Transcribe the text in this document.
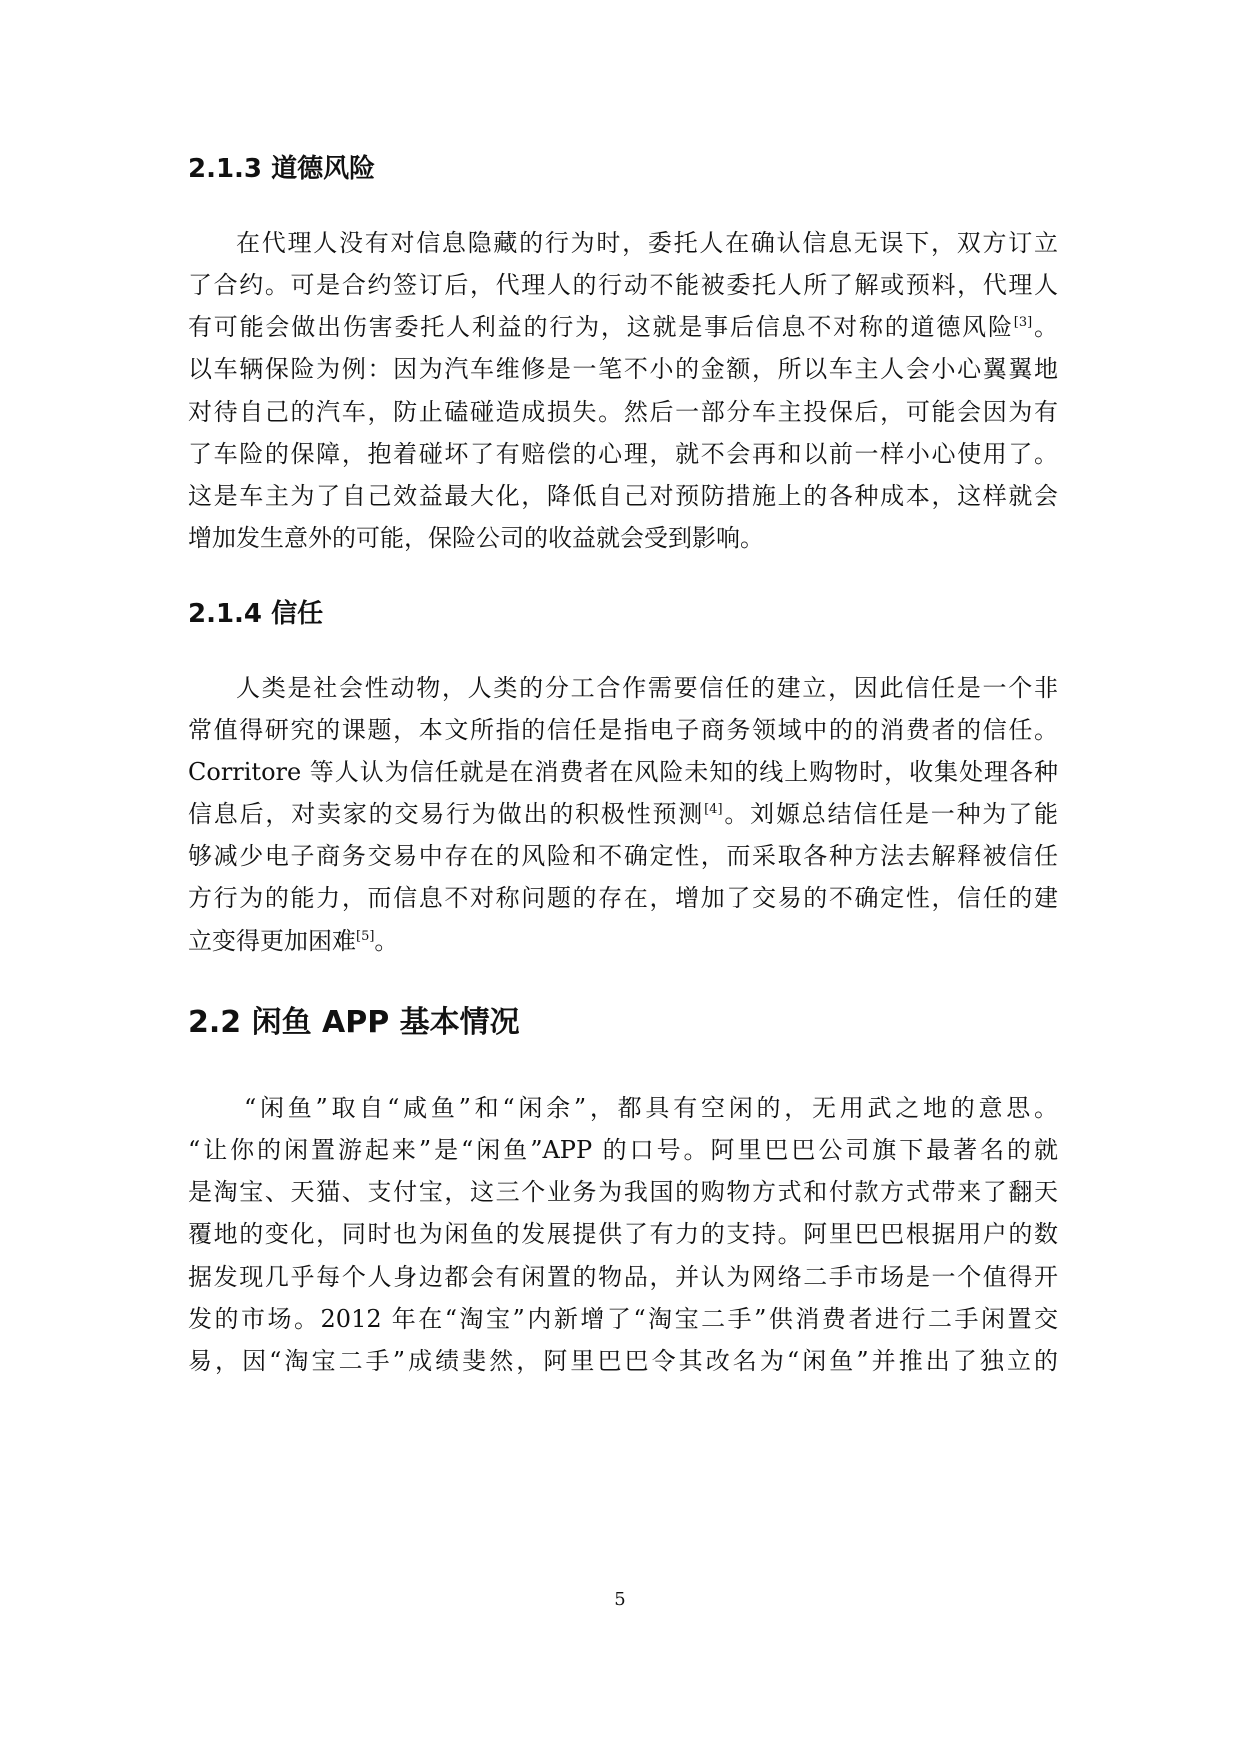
2.1.3 道德风险
在代理人没有对信息隐藏的行为时，委托人在确认信息无误下，双方订立
了合约。可是合约签订后，代理人的行动不能被委托人所了解或预料，代理人
有可能会做出伤害委托人利益的行为，这就是事后信息不对称的道德风险[3]。
以车辆保险为例：因为汽车维修是一笔不小的金额，所以车主人会小心翼翼地
对待自己的汽车，防止磕碰造成损失。然后一部分车主投保后，可能会因为有
了车险的保障，抱着碰坏了有赔偿的心理，就不会再和以前一样小心使用了。
这是车主为了自己效益最大化，降低自己对预防措施上的各种成本，这样就会
增加发生意外的可能，保险公司的收益就会受到影响。
2.1.4 信任
人类是社会性动物，人类的分工合作需要信任的建立，因此信任是一个非
常值得研究的课题，本文所指的信任是指电子商务领域中的的消费者的信任。
Corritore 等人认为信任就是在消费者在风险未知的线上购物时，收集处理各种
信息后，对卖家的交易行为做出的积极性预测[4]。刘嫄总结信任是一种为了能
够减少电子商务交易中存在的风险和不确定性，而采取各种方法去解释被信任
方行为的能力，而信息不对称问题的存在，增加了交易的不确定性，信任的建
立变得更加困难[5]。
2.2 闲鱼 APP 基本情况
“闲鱼”取自“咸鱼”和“闲余”，都具有空闲的，无用武之地的意思。
“让你的闲置游起来”是“闲鱼”APP 的口号。阿里巴巴公司旗下最著名的就
是淘宝、天猫、支付宝，这三个业务为我国的购物方式和付款方式带来了翻天
覆地的变化，同时也为闲鱼的发展提供了有力的支持。阿里巴巴根据用户的数
据发现几乎每个人身边都会有闲置的物品，并认为网络二手市场是一个值得开
发的市场。2012 年在“淘宝”内新增了“淘宝二手”供消费者进行二手闲置交
易，因“淘宝二手”成绩斐然，阿里巴巴令其改名为“闲鱼”并推出了独立的
5
